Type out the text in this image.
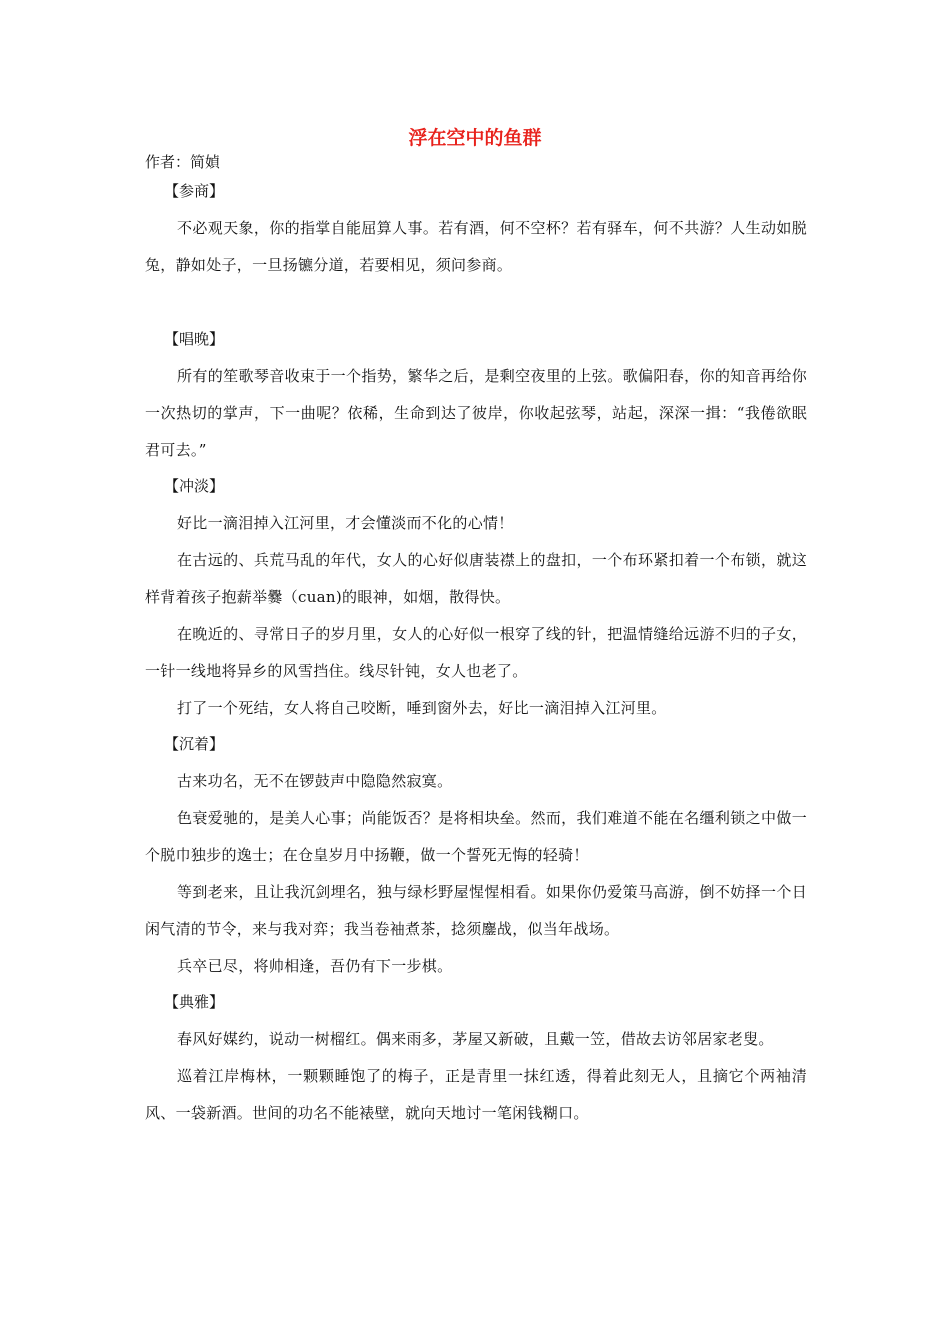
浮在空中的鱼群
作者：简媜
【参商】

不必观天象，你的指掌自能屈算人事。若有酒，何不空杯？若有驿车，何不共游？人生动如脱兔，静如处子，一旦扬镳分道，若要相见，须问参商。

【唱晚】

所有的笙歌琴音收束于一个指势，繁华之后，是剩空夜里的上弦。歌偏阳春，你的知音再给你一次热切的掌声，下一曲呢？依稀，生命到达了彼岸，你收起弦琴，站起，深深一揖：“我倦欲眠君可去。”

【冲淡】

好比一滴泪掉入江河里，才会懂淡而不化的心情！

在古远的、兵荒马乱的年代，女人的心好似唐装襟上的盘扣，一个布环紧扣着一个布锁，就这样背着孩子抱薪举爨（cuan)的眼神，如烟，散得快。

在晚近的、寻常日子的岁月里，女人的心好似一根穿了线的针，把温情缝给远游不归的子女，一针一线地将异乡的风雪挡住。线尽针钝，女人也老了。

打了一个死结，女人将自己咬断，唾到窗外去，好比一滴泪掉入江河里。

【沉着】

古来功名，无不在锣鼓声中隐隐然寂寞。

色衰爱驰的，是美人心事；尚能饭否？是将相块垒。然而，我们难道不能在名缰利锁之中做一个脱巾独步的逸士；在仓皇岁月中扬鞭，做一个誓死无悔的轻骑！

等到老来，且让我沉剑埋名，独与绿杉野屋惺惺相看。如果你仍爱策马高游，倒不妨择一个日闲气清的节令，来与我对弈；我当卷袖煮茶，捻须鏖战，似当年战场。

兵卒已尽，将帅相逢，吾仍有下一步棋。

【典雅】

春风好媒约，说动一树榴红。偶来雨多，茅屋又新破，且戴一笠，借故去访邻居家老叟。

巡着江岸梅林，一颗颗睡饱了的梅子，正是青里一抹红透，得着此刻无人，且摘它个两袖清风、一袋新酒。世间的功名不能裱壁，就向天地讨一笔闲钱糊口。
